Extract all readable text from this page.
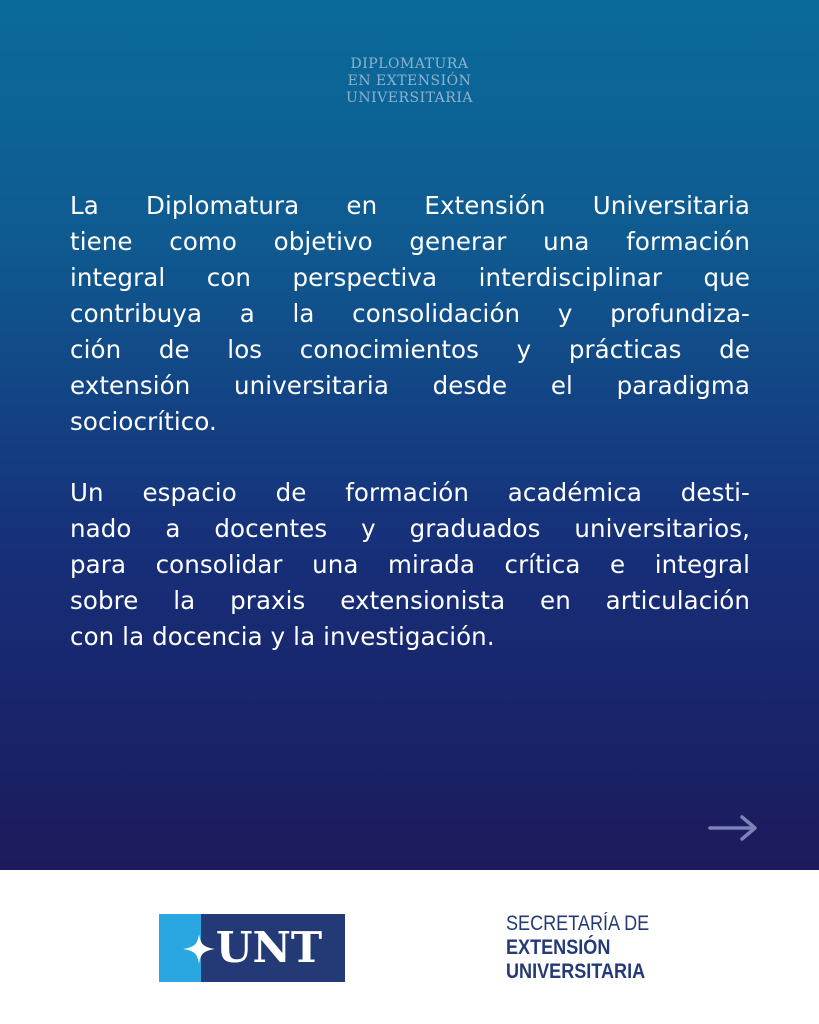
DIPLOMATURA
EN EXTENSIÓN
UNIVERSITARIA
La Diplomatura en Extensión Universitaria
tiene como objetivo generar una formación
integral con perspectiva interdisciplinar que
contribuya a la consolidación y profundiza-
ción de los conocimientos y prácticas de
extensión universitaria desde el paradigma
sociocrítico.
Un espacio de formación académica desti-
nado a docentes y graduados universitarios,
para consolidar una mirada crítica e integral
sobre la praxis extensionista en articulación
con la docencia y la investigación.
UNT	SECRETARÍA DE
EXTENSIÓN
UNIVERSITARIA
